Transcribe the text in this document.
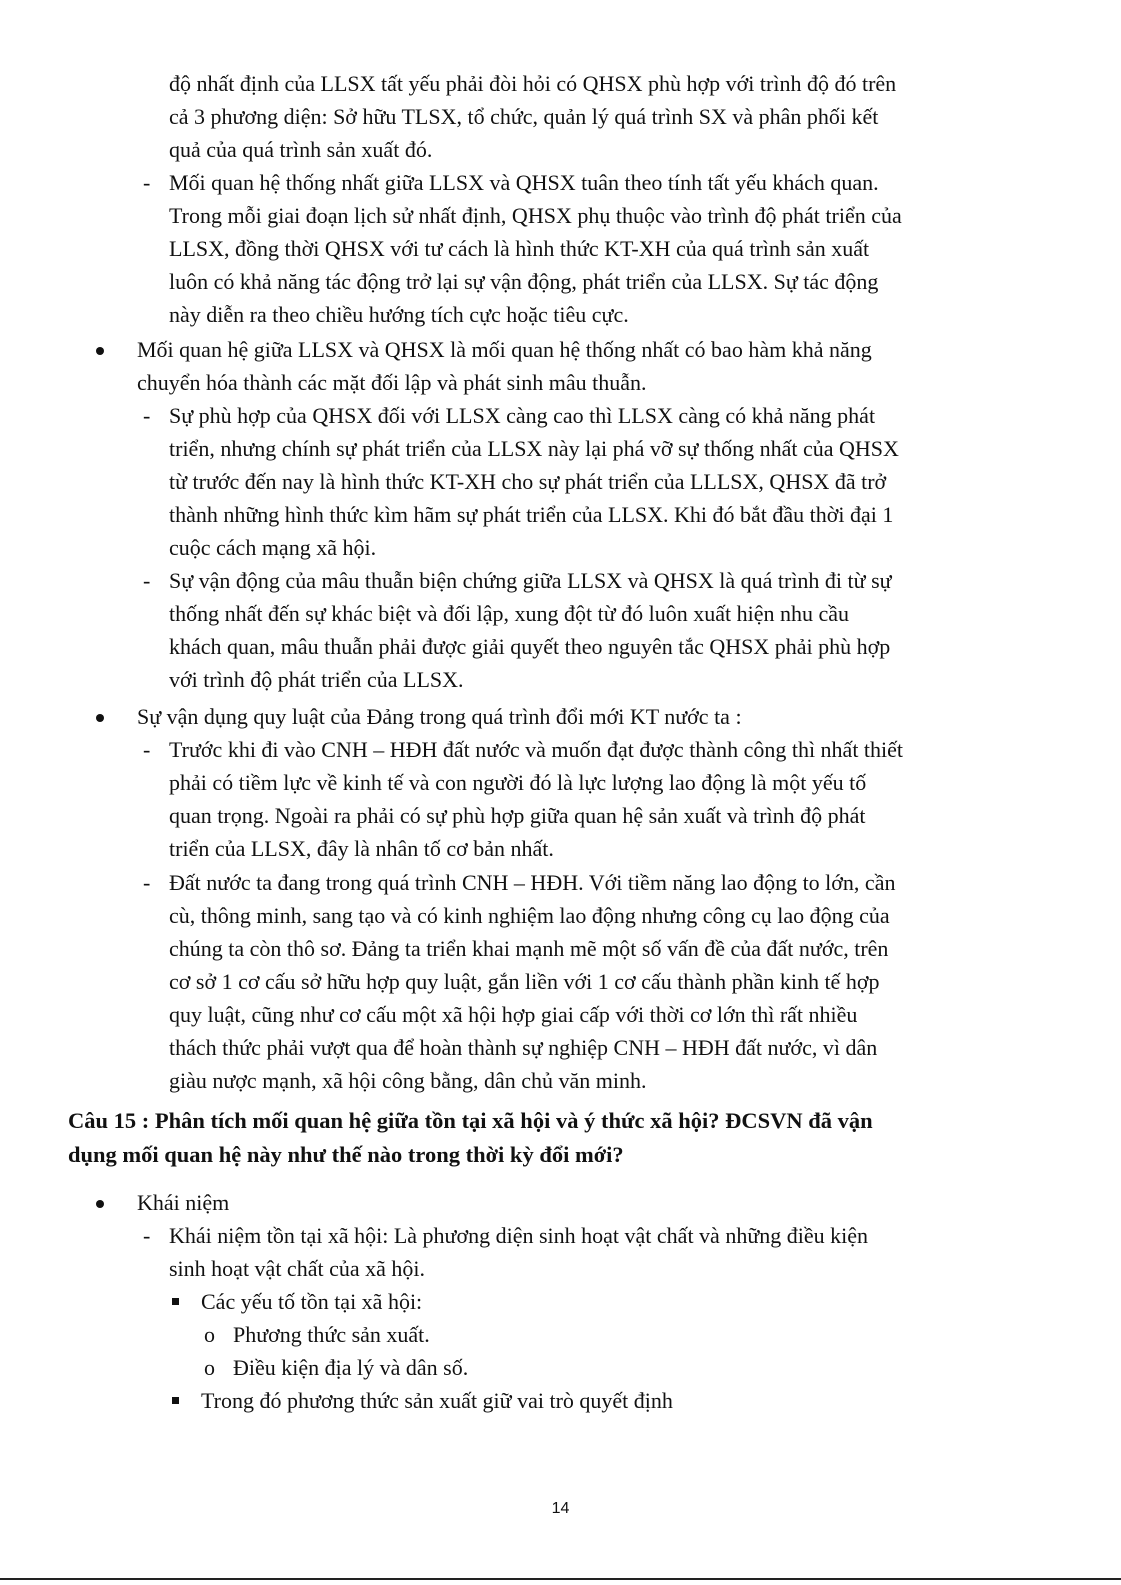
độ nhất định của LLSX tất yếu phải đòi hỏi có QHSX phù hợp với trình độ đó trên
cả 3 phương diện: Sở hữu TLSX, tổ chức, quản lý quá trình SX và phân phối kết
quả của quá trình sản xuất đó.
- Mối quan hệ thống nhất giữa LLSX và QHSX tuân theo tính tất yếu khách quan.
Trong mỗi giai đoạn lịch sử nhất định, QHSX phụ thuộc vào trình độ phát triển của
LLSX, đồng thời QHSX với tư cách là hình thức KT-XH của quá trình sản xuất
luôn có khả năng tác động trở lại sự vận động, phát triển của LLSX. Sự tác động
này diễn ra theo chiều hướng tích cực hoặc tiêu cực.
Mối quan hệ giữa LLSX và QHSX là mối quan hệ thống nhất có bao hàm khả năng
chuyển hóa thành các mặt đối lập và phát sinh mâu thuẫn.
- Sự phù hợp của QHSX đối với LLSX càng cao thì LLSX càng có khả năng phát
triển, nhưng chính sự phát triển của LLSX này lại phá vỡ sự thống nhất của QHSX
từ trước đến nay là hình thức KT-XH cho sự phát triển của LLLSX, QHSX đã trở
thành những hình thức kìm hãm sự phát triển của LLSX. Khi đó bắt đầu thời đại 1
cuộc cách mạng xã hội.
- Sự vận động của mâu thuẫn biện chứng giữa LLSX và QHSX là quá trình đi từ sự
thống nhất đến sự khác biệt và đối lập, xung đột từ đó luôn xuất hiện nhu cầu
khách quan, mâu thuẫn phải được giải quyết theo nguyên tắc QHSX phải phù hợp
với trình độ phát triển của LLSX.
Sự vận dụng quy luật của Đảng trong quá trình đổi mới KT nước ta :
- Trước khi đi vào CNH – HĐH đất nước và muốn đạt được thành công thì nhất thiết
phải có tiềm lực về kinh tế và con người đó là lực lượng lao động là một yếu tố
quan trọng. Ngoài ra phải có sự phù hợp giữa quan hệ sản xuất và trình độ phát
triển của LLSX, đây là nhân tố cơ bản nhất.
- Đất nước ta đang trong quá trình CNH – HĐH. Với tiềm năng lao động to lớn, cần
cù, thông minh, sang tạo và có kinh nghiệm lao động nhưng công cụ lao động của
chúng ta còn thô sơ. Đảng ta triển khai mạnh mẽ một số vấn đề của đất nước, trên
cơ sở 1 cơ cấu sở hữu hợp quy luật, gắn liền với 1 cơ cấu thành phần kinh tế hợp
quy luật, cũng như cơ cấu một xã hội hợp giai cấp với thời cơ lớn thì rất nhiều
thách thức phải vượt qua để hoàn thành sự nghiệp CNH – HĐH đất nước, vì dân
giàu nược mạnh, xã hội công bằng, dân chủ văn minh.
Câu 15 : Phân tích mối quan hệ giữa tồn tại xã hội và ý thức xã hội? ĐCSVN đã vận
dụng mối quan hệ này như thế nào trong thời kỳ đổi mới?
Khái niệm
- Khái niệm tồn tại xã hội: Là phương diện sinh hoạt vật chất và những điều kiện
sinh hoạt vật chất của xã hội.
Các yếu tố tồn tại xã hội:
o Phương thức sản xuất.
o Điều kiện địa lý và dân số.
Trong đó phương thức sản xuất giữ vai trò quyết định
14
